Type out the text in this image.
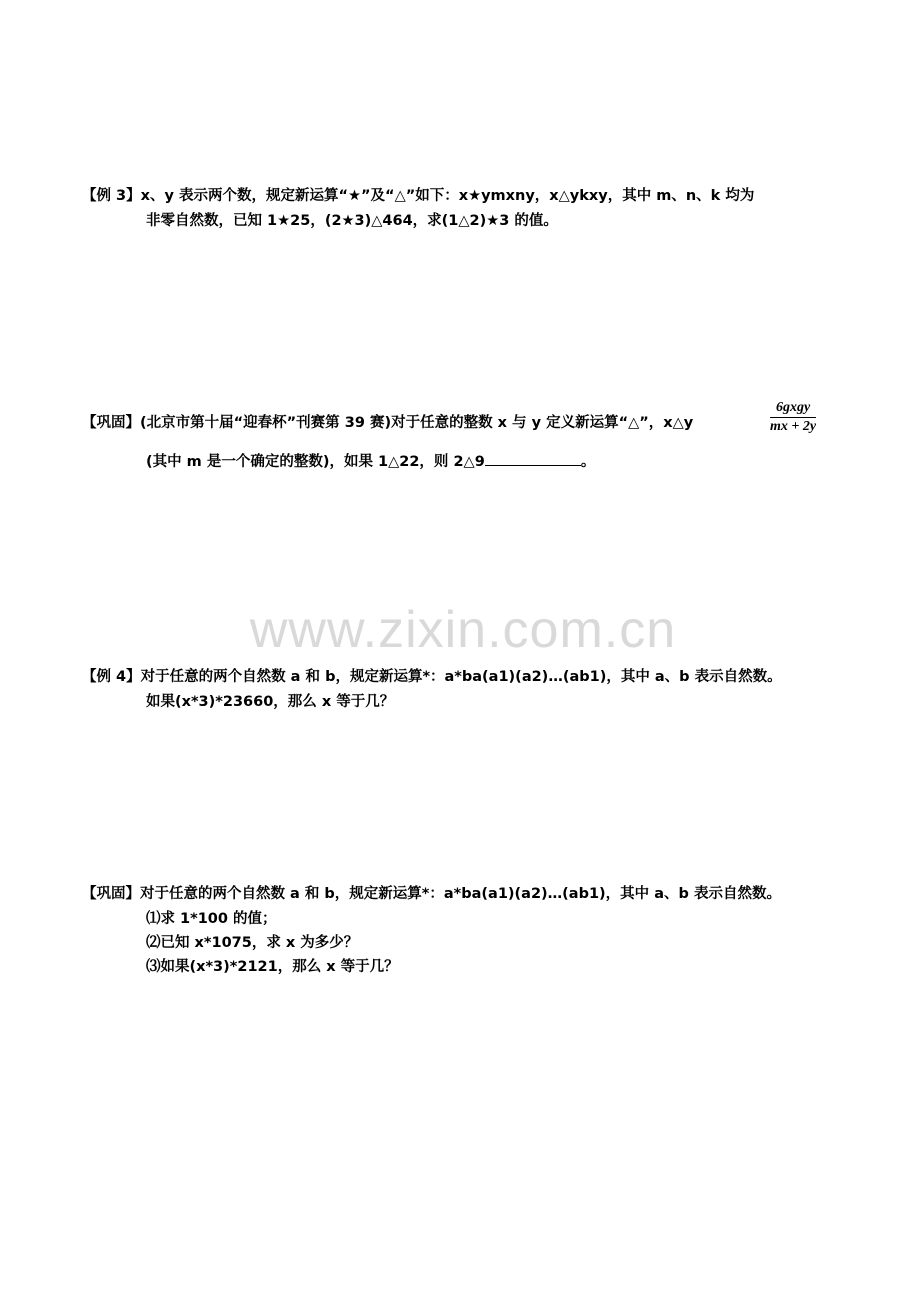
www.zixin.com.cn
【例 3】x、y 表示两个数，规定新运算“★”及“△”如下：x★ymxny，x△ykxy，其中 m、n、k 均为
非零自然数，已知 1★25，(2★3)△464，求(1△2)★3 的值。
【巩固】(北京市第十届“迎春杯”刊赛第 39 赛)对于任意的整数 x 与 y 定义新运算“△”，x△y
6gxgy
mx + 2y
(其中 m 是一个确定的整数)，如果 1△22，则 2△9	。
【例 4】对于任意的两个自然数 a 和 b，规定新运算*：a*ba(a1)(a2)…(ab1)，其中 a、b 表示自然数。
如果(x*3)*23660，那么 x 等于几？
【巩固】对于任意的两个自然数 a 和 b，规定新运算*：a*ba(a1)(a2)…(ab1)，其中 a、b 表示自然数。
⑴求 1*100 的值；
⑵已知 x*1075，求 x 为多少？
⑶如果(x*3)*2121，那么 x 等于几？
